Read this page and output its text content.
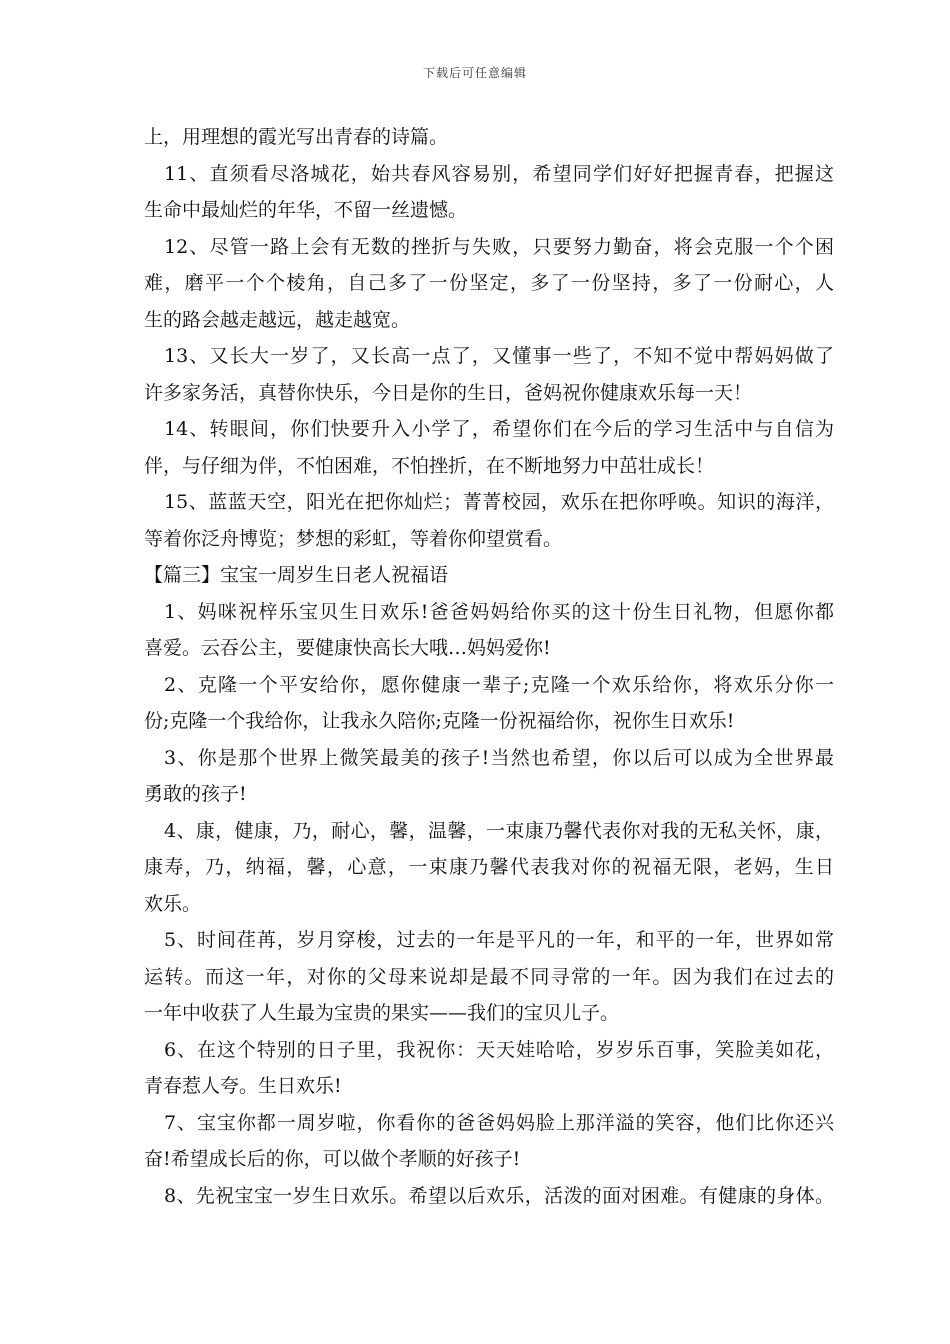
下载后可任意编辑
上，用理想的霞光写出青春的诗篇。
11、直须看尽洛城花，始共春风容易别，希望同学们好好把握青春，把握这
生命中最灿烂的年华，不留一丝遗憾。
12、尽管一路上会有无数的挫折与失败，只要努力勤奋，将会克服一个个困
难，磨平一个个棱角，自己多了一份坚定，多了一份坚持，多了一份耐心，人
生的路会越走越远，越走越宽。
13、又长大一岁了，又长高一点了，又懂事一些了，不知不觉中帮妈妈做了
许多家务活，真替你快乐，今日是你的生日，爸妈祝你健康欢乐每一天！
14、转眼间，你们快要升入小学了，希望你们在今后的学习生活中与自信为
伴，与仔细为伴，不怕困难，不怕挫折，在不断地努力中茁壮成长！
15、蓝蓝天空，阳光在把你灿烂；菁菁校园，欢乐在把你呼唤。知识的海洋，
等着你泛舟博览；梦想的彩虹，等着你仰望赏看。
【篇三】宝宝一周岁生日老人祝福语
1、妈咪祝梓乐宝贝生日欢乐!爸爸妈妈给你买的这十份生日礼物，但愿你都
喜爱。云吞公主，要健康快高长大哦…妈妈爱你!
2、克隆一个平安给你，愿你健康一辈子;克隆一个欢乐给你，将欢乐分你一
份;克隆一个我给你，让我永久陪你;克隆一份祝福给你，祝你生日欢乐!
3、你是那个世界上微笑最美的孩子!当然也希望，你以后可以成为全世界最
勇敢的孩子!
4、康，健康，乃，耐心，馨，温馨，一束康乃馨代表你对我的无私关怀，康，
康寿，乃，纳福，馨，心意，一束康乃馨代表我对你的祝福无限，老妈，生日
欢乐。
5、时间荏苒，岁月穿梭，过去的一年是平凡的一年，和平的一年，世界如常
运转。而这一年，对你的父母来说却是最不同寻常的一年。因为我们在过去的
一年中收获了人生最为宝贵的果实——我们的宝贝儿子。
6、在这个特别的日子里，我祝你：天天娃哈哈，岁岁乐百事，笑脸美如花，
青春惹人夸。生日欢乐!
7、宝宝你都一周岁啦，你看你的爸爸妈妈脸上那洋溢的笑容，他们比你还兴
奋!希望成长后的你，可以做个孝顺的好孩子!
8、先祝宝宝一岁生日欢乐。希望以后欢乐，活泼的面对困难。有健康的身体。
